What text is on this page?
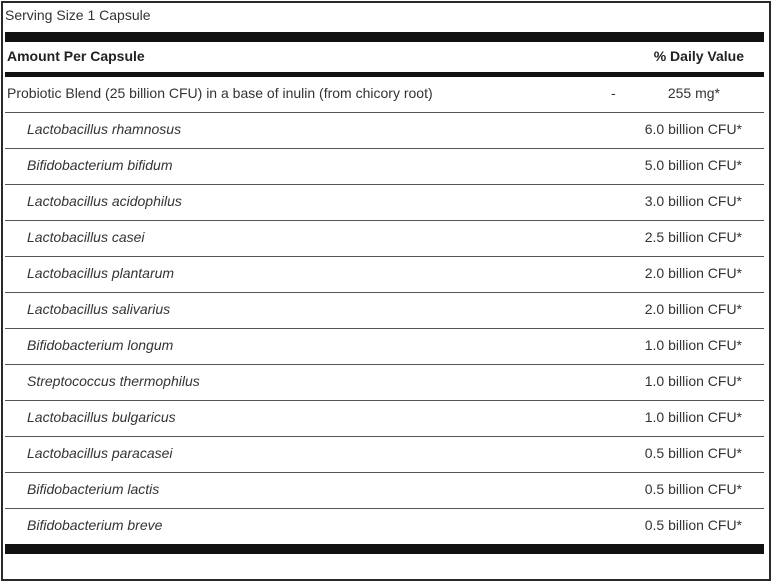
Serving Size 1 Capsule
Amount Per Capsule	% Daily Value
Probiotic Blend (25 billion CFU) in a base of inulin (from chicory root)	-	255 mg*
Lactobacillus rhamnosus	6.0 billion CFU*
Bifidobacterium bifidum	5.0 billion CFU*
Lactobacillus acidophilus	3.0 billion CFU*
Lactobacillus casei	2.5 billion CFU*
Lactobacillus plantarum	2.0 billion CFU*
Lactobacillus salivarius	2.0 billion CFU*
Bifidobacterium longum	1.0 billion CFU*
Streptococcus thermophilus	1.0 billion CFU*
Lactobacillus bulgaricus	1.0 billion CFU*
Lactobacillus paracasei	0.5 billion CFU*
Bifidobacterium lactis	0.5 billion CFU*
Bifidobacterium breve	0.5 billion CFU*
